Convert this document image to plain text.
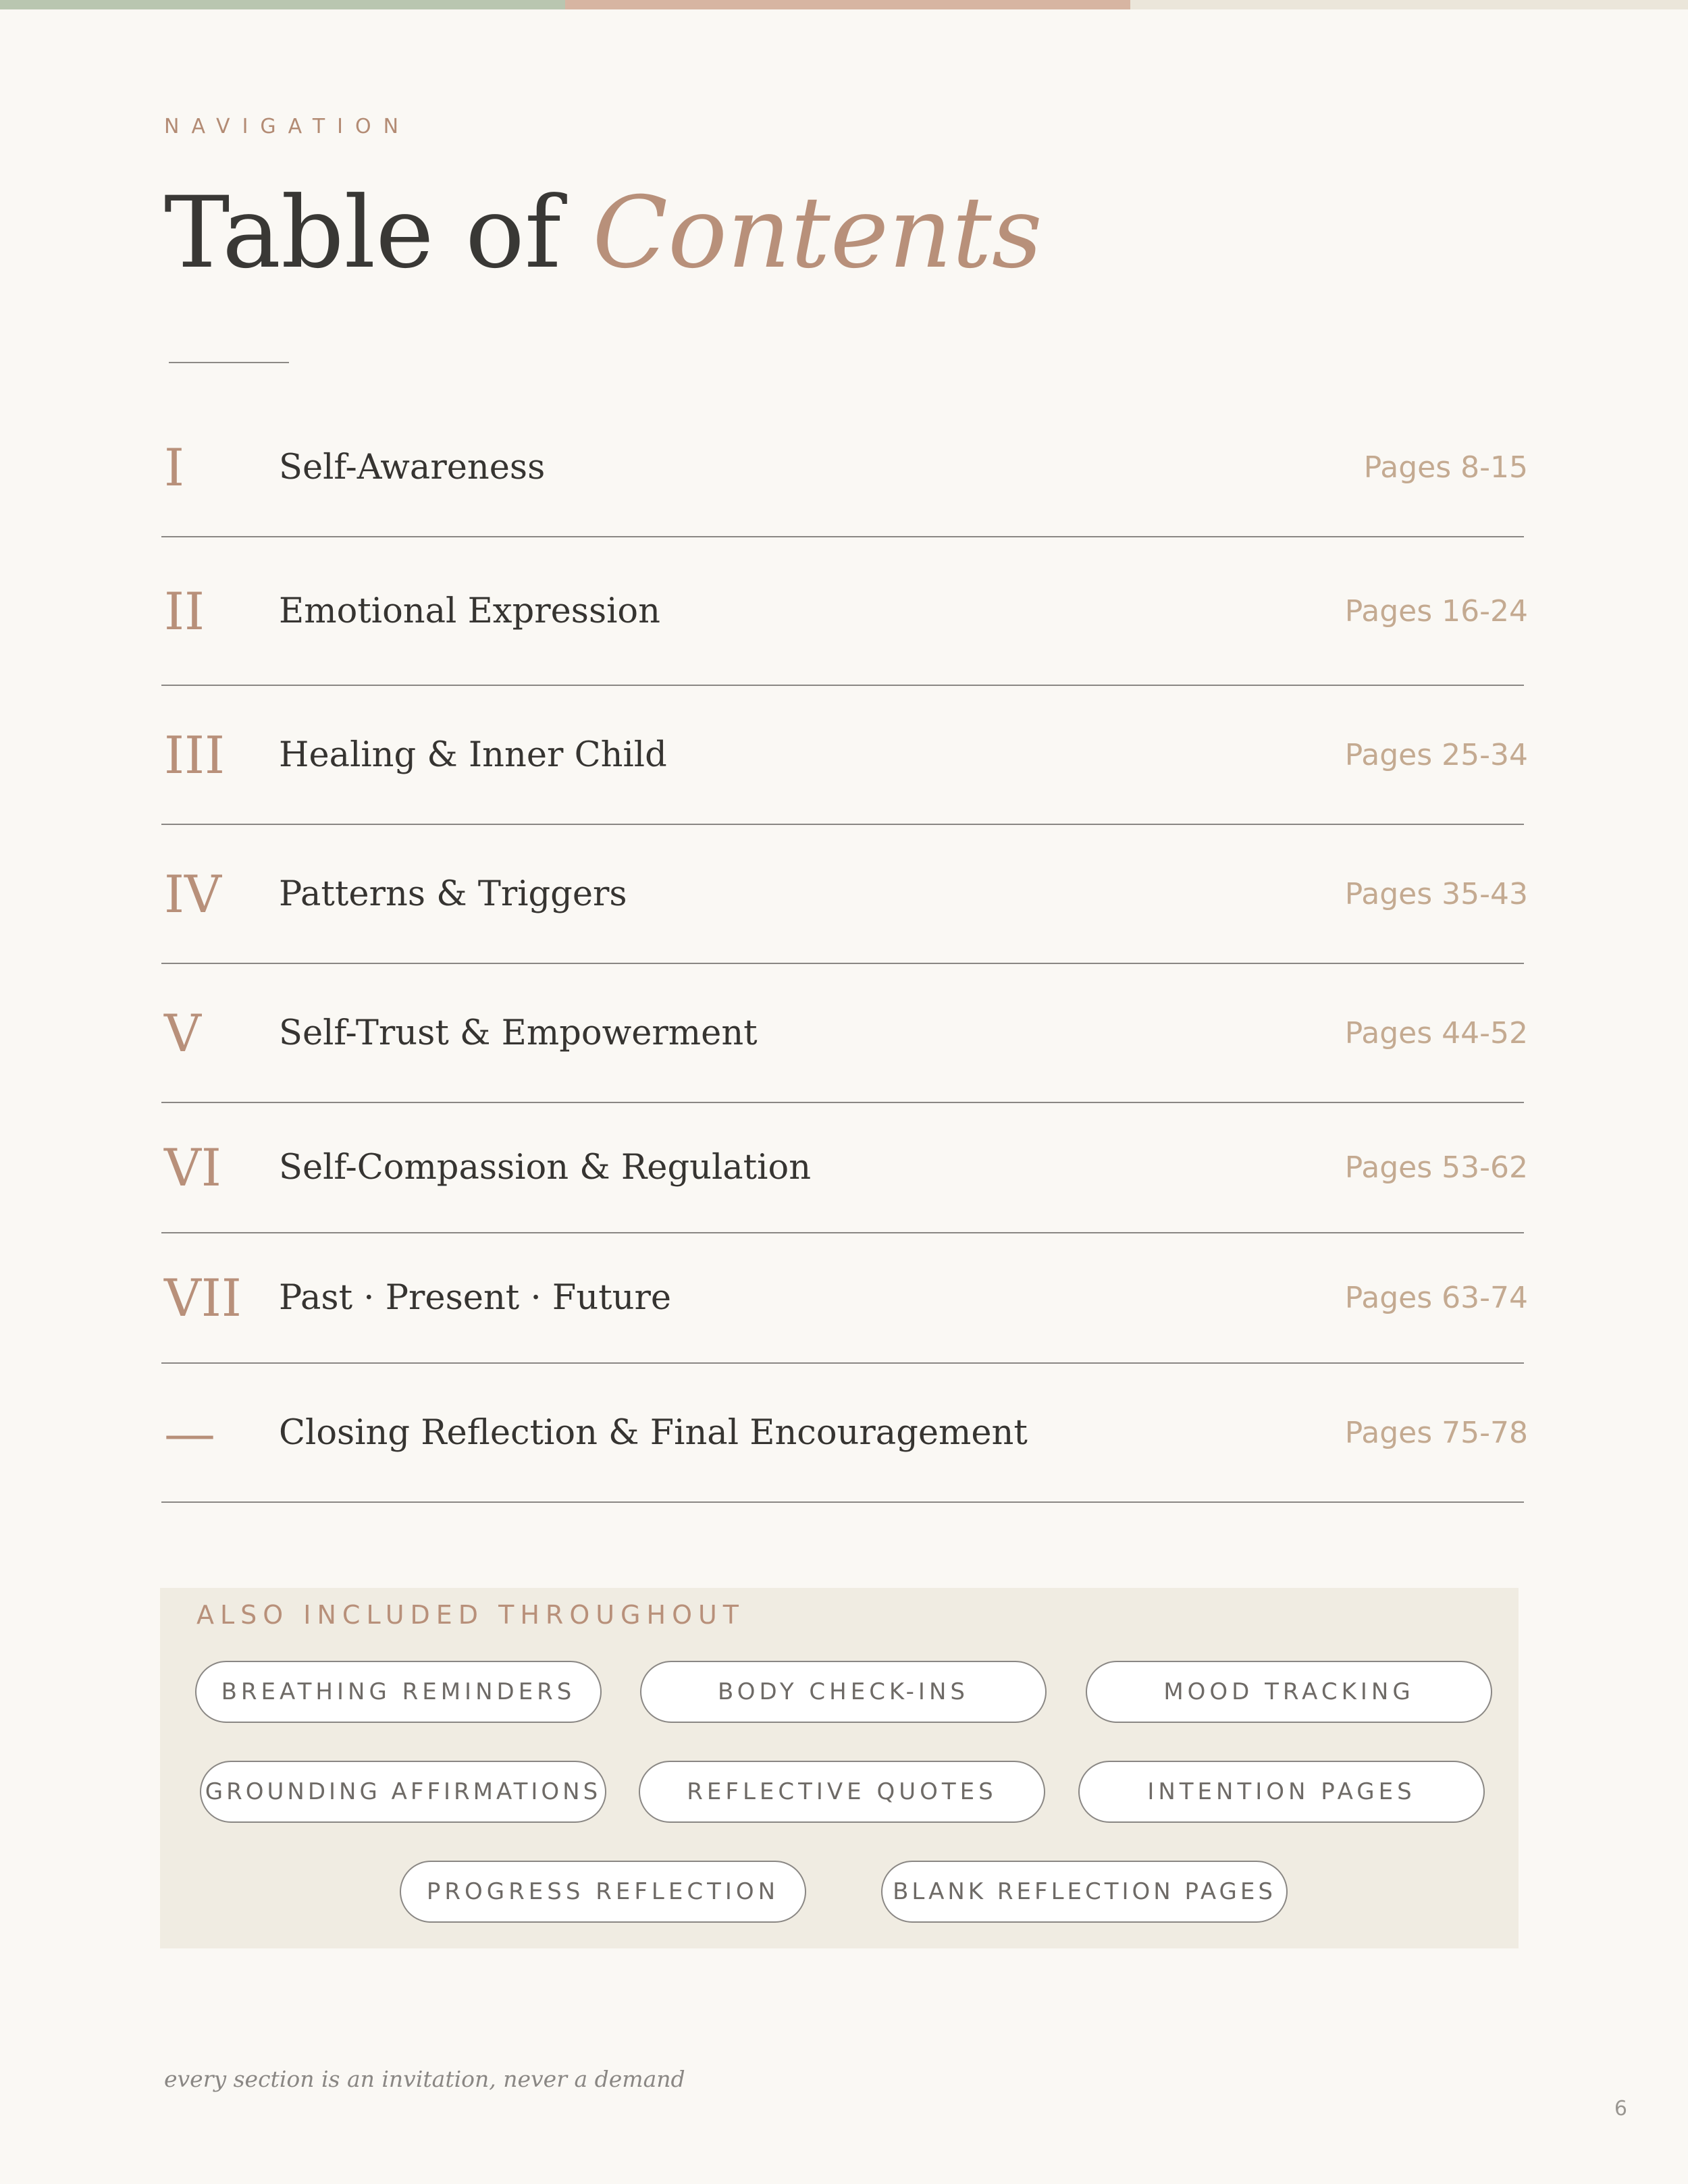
NAVIGATION
Table of Contents
I	Self-Awareness	Pages 8-15
II Emotional Expression	Pages 16-24
III Healing & Inner Child	Pages 25-34
IV Patterns & Triggers	Pages 35-43
V Self-Trust & Empowerment	Pages 44-52
VI Self-Compassion & Regulation	Pages 53-62
VII Past · Present · Future	Pages 63-74
— Closing Reflection & Final Encouragement	Pages 75-78
ALSO INCLUDED THROUGHOUT
BREATHING REMINDERS	BODY CHECK-INS	MOOD TRACKING
GROUNDING AFFIRMATIONS	REFLECTIVE QUOTES	INTENTION PAGES
PROGRESS REFLECTION	BLANK REFLECTION PAGES
every section is an invitation, never a demand
6
